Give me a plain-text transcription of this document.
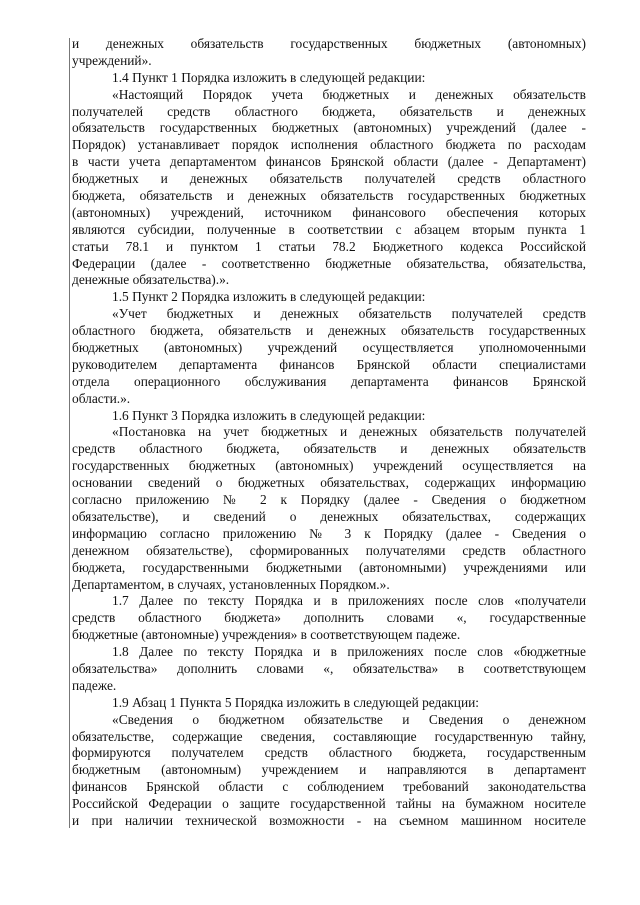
и денежных обязательств государственных бюджетных (автономных)
учреждений».
1.4 Пункт 1 Порядка изложить в следующей редакции:
«Настоящий Порядок учета бюджетных и денежных обязательств
получателей средств областного бюджета, обязательств и денежных
обязательств государственных бюджетных (автономных) учреждений (далее -
Порядок) устанавливает порядок исполнения областного бюджета по расходам
в части учета департаментом финансов Брянской области (далее - Департамент)
бюджетных и денежных обязательств получателей средств областного
бюджета, обязательств и денежных обязательств государственных бюджетных
(автономных) учреждений, источником финансового обеспечения которых
являются субсидии, полученные в соответствии с абзацем вторым пункта 1
статьи 78.1 и пунктом 1 статьи 78.2 Бюджетного кодекса Российской
Федерации (далее - соответственно бюджетные обязательства, обязательства,
денежные обязательства).».
1.5 Пункт 2 Порядка изложить в следующей редакции:
«Учет бюджетных и денежных обязательств получателей средств
областного бюджета, обязательств и денежных обязательств государственных
бюджетных (автономных) учреждений осуществляется уполномоченными
руководителем департамента финансов Брянской области специалистами
отдела операционного обслуживания департамента финансов Брянской
области.».
1.6 Пункт 3 Порядка изложить в следующей редакции:
«Постановка на учет бюджетных и денежных обязательств получателей
средств областного бюджета, обязательств и денежных обязательств
государственных бюджетных (автономных) учреждений осуществляется на
основании сведений о бюджетных обязательствах, содержащих информацию
согласно приложению № 2 к Порядку (далее - Сведения о бюджетном
обязательстве), и сведений о денежных обязательствах, содержащих
информацию согласно приложению № 3 к Порядку (далее - Сведения о
денежном обязательстве), сформированных получателями средств областного
бюджета, государственными бюджетными (автономными) учреждениями или
Департаментом, в случаях, установленных Порядком.».
1.7 Далее по тексту Порядка и в приложениях после слов «получатели
средств областного бюджета» дополнить словами «, государственные
бюджетные (автономные) учреждения» в соответствующем падеже.
1.8 Далее по тексту Порядка и в приложениях после слов «бюджетные
обязательства» дополнить словами «, обязательства» в соответствующем
падеже.
1.9 Абзац 1 Пункта 5 Порядка изложить в следующей редакции:
«Сведения о бюджетном обязательстве и Сведения о денежном
обязательстве, содержащие сведения, составляющие государственную тайну,
формируются получателем средств областного бюджета, государственным
бюджетным (автономным) учреждением и направляются в департамент
финансов Брянской области с соблюдением требований законодательства
Российской Федерации о защите государственной тайны на бумажном носителе
и при наличии технической возможности - на съемном машинном носителе
